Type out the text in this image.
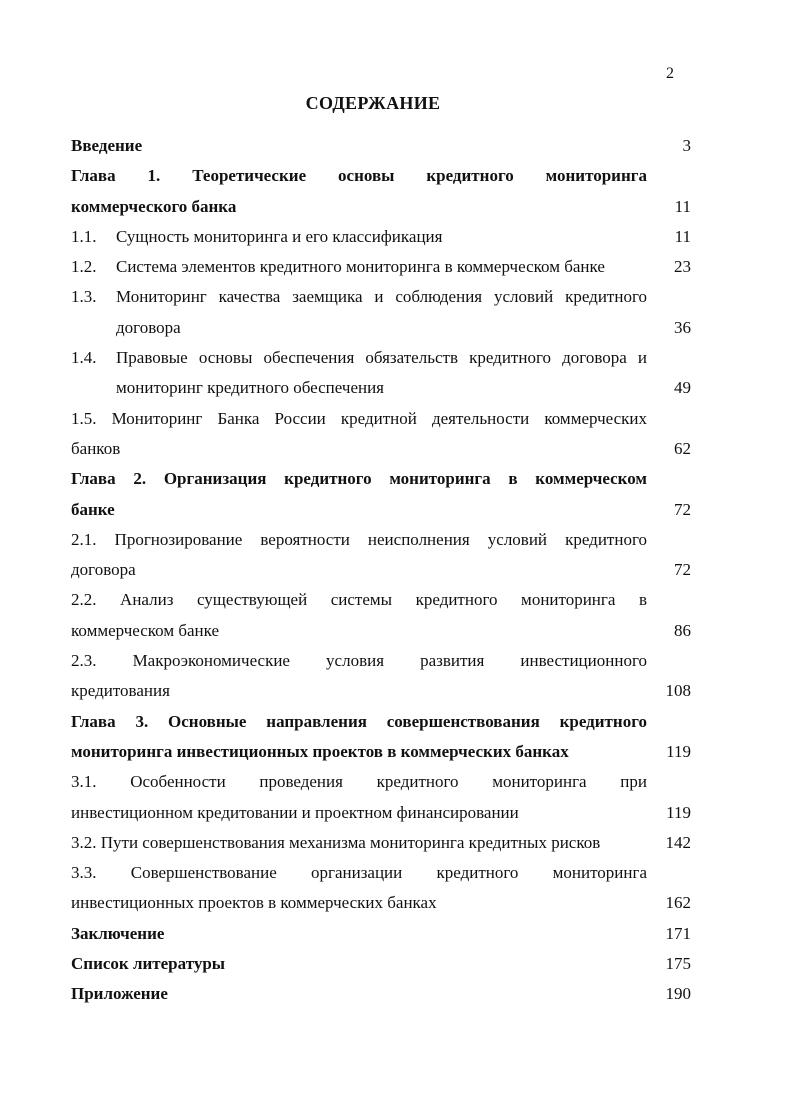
2
СОДЕРЖАНИЕ
Введение	3
Глава 1. Теоретические основы кредитного мониторинга
коммерческого банка	11
1.1. Сущность мониторинга и его классификация	11
1.2. Система элементов кредитного мониторинга в коммерческом банке	23
1.3. Мониторинг качества заемщика и соблюдения условий кредитного
договора	36
1.4. Правовые основы обеспечения обязательств кредитного договора и
мониторинг кредитного обеспечения	49
1.5. Мониторинг Банка России кредитной деятельности коммерческих
банков	62
Глава 2. Организация кредитного мониторинга в коммерческом
банке	72
2.1. Прогнозирование вероятности неисполнения условий кредитного
договора	72
2.2. Анализ существующей системы кредитного мониторинга в
коммерческом банке	86
2.3. Макроэкономические условия развития инвестиционного
кредитования	108
Глава 3. Основные направления совершенствования кредитного
мониторинга инвестиционных проектов в коммерческих банках	119
3.1. Особенности проведения кредитного мониторинга при
инвестиционном кредитовании и проектном финансировании	119
3.2. Пути совершенствования механизма мониторинга кредитных рисков	142
3.3. Совершенствование организации кредитного мониторинга
инвестиционных проектов в коммерческих банках	162
Заключение	171
Список литературы	175
Приложение	190
